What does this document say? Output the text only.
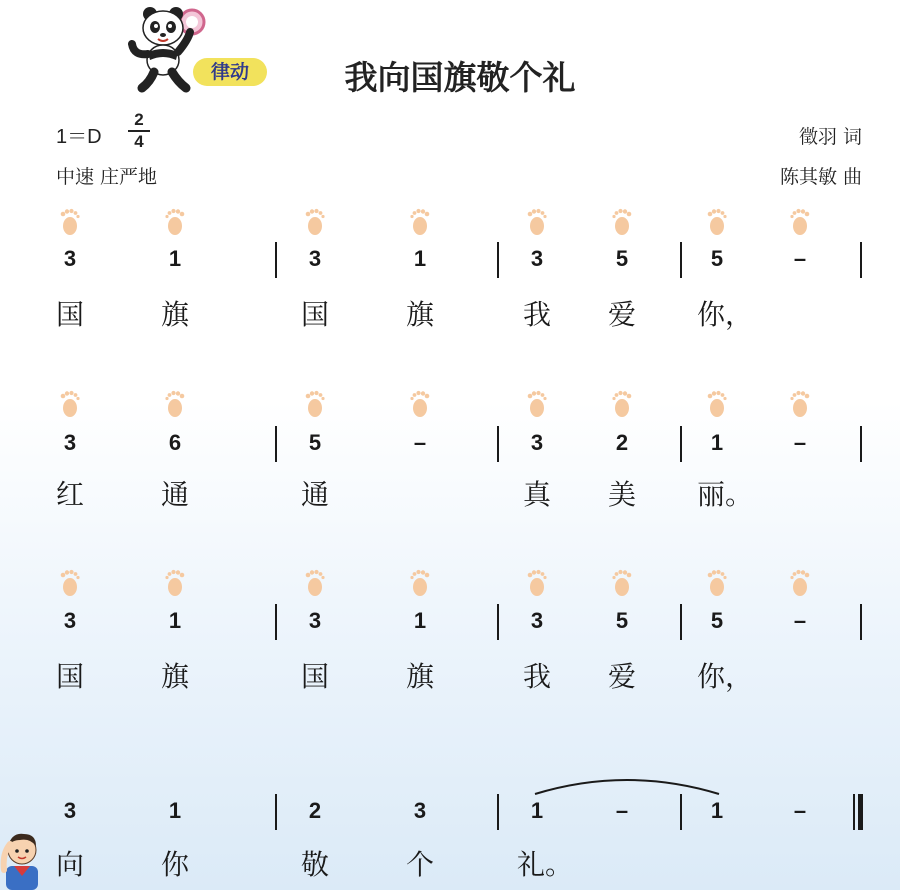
律动	我向国旗敬个礼
1＝D
2
4
中速 庄严地
徵羽 词
陈其敏 曲
3	1	3	1	3	5	5	–
国	旗	国	旗	我 爱 你，
3	6	5	–	3	2	1	–
红	通	通	真 美 丽。
3	1	3	1	3	5	5	–
国	旗	国	旗	我 爱 你，
3	1	2	3	1	–	1	–
向	你	敬	个	礼。
